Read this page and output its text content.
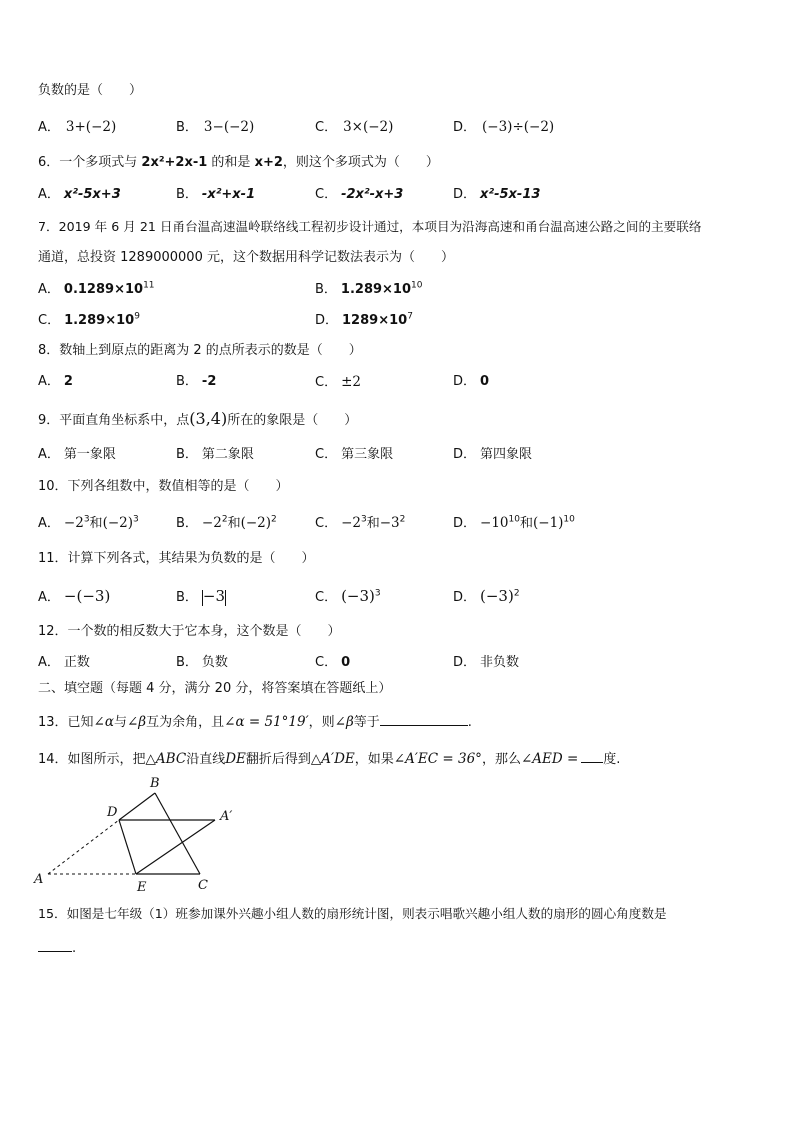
负数的是（　　）
A． 3+(−2)	B． 3−(−2)	C． 3×(−2)	D． (−3)÷(−2)
6．一个多项式与 2x²+2x-1 的和是 x+2，则这个多项式为（　　）
A． x²-5x+3	B． -x²+x-1	C． -2x²-x+3	D． x²-5x-13
7．2019 年 6 月 21 日甬台温高速温岭联络线工程初步设计通过，本项目为沿海高速和甬台温高速公路之间的主要联络
通道，总投资 1289000000 元，这个数据用科学记数法表示为（　　）
A． $0.1289\times 10^{11}$	B． $1.289\times 10^{10}$
C． $1.289\times 10^9$	D． $1289\times 10^7$
8．数轴上到原点的距离为 2 的点所表示的数是（　　）
A． 2	B． -2	C． ±2	D． 0
9．平面直角坐标系中，点(3,4)所在的象限是（　　）
A． 第一象限	B． 第二象限	C． 第三象限	D． 第四象限
10．下列各组数中，数值相等的是（　　）
A． $-2^3$和$(-2)^3$	B． $-2^2$和$(-2)^2$	C． $-2^3$和$-3^2$	D． $-10^{10}$和$(-1)^{10}$
11．计算下列各式，其结果为负数的是（　　）
A． −(−3)	B． −3	C． $(-3)^3$	D． $(-3)^2$
12．一个数的相反数大于它本身，这个数是（　　）
A． 正数	B． 负数	C． 0	D． 非负数
二、填空题（每题 4 分，满分 20 分，将答案填在答题纸上）
13．已知∠α与∠β互为余角，且∠α = 51°19′，则∠β等于	.
14．如图所示，把△ABC沿直线DE翻折后得到△A′DE，如果∠A′EC = 36°，那么∠AED = 度.
A
B
C
D
E
A′
15．如图是七年级（1）班参加课外兴趣小组人数的扇形统计图，则表示唱歌兴趣小组人数的扇形的圆心角度数是
.
